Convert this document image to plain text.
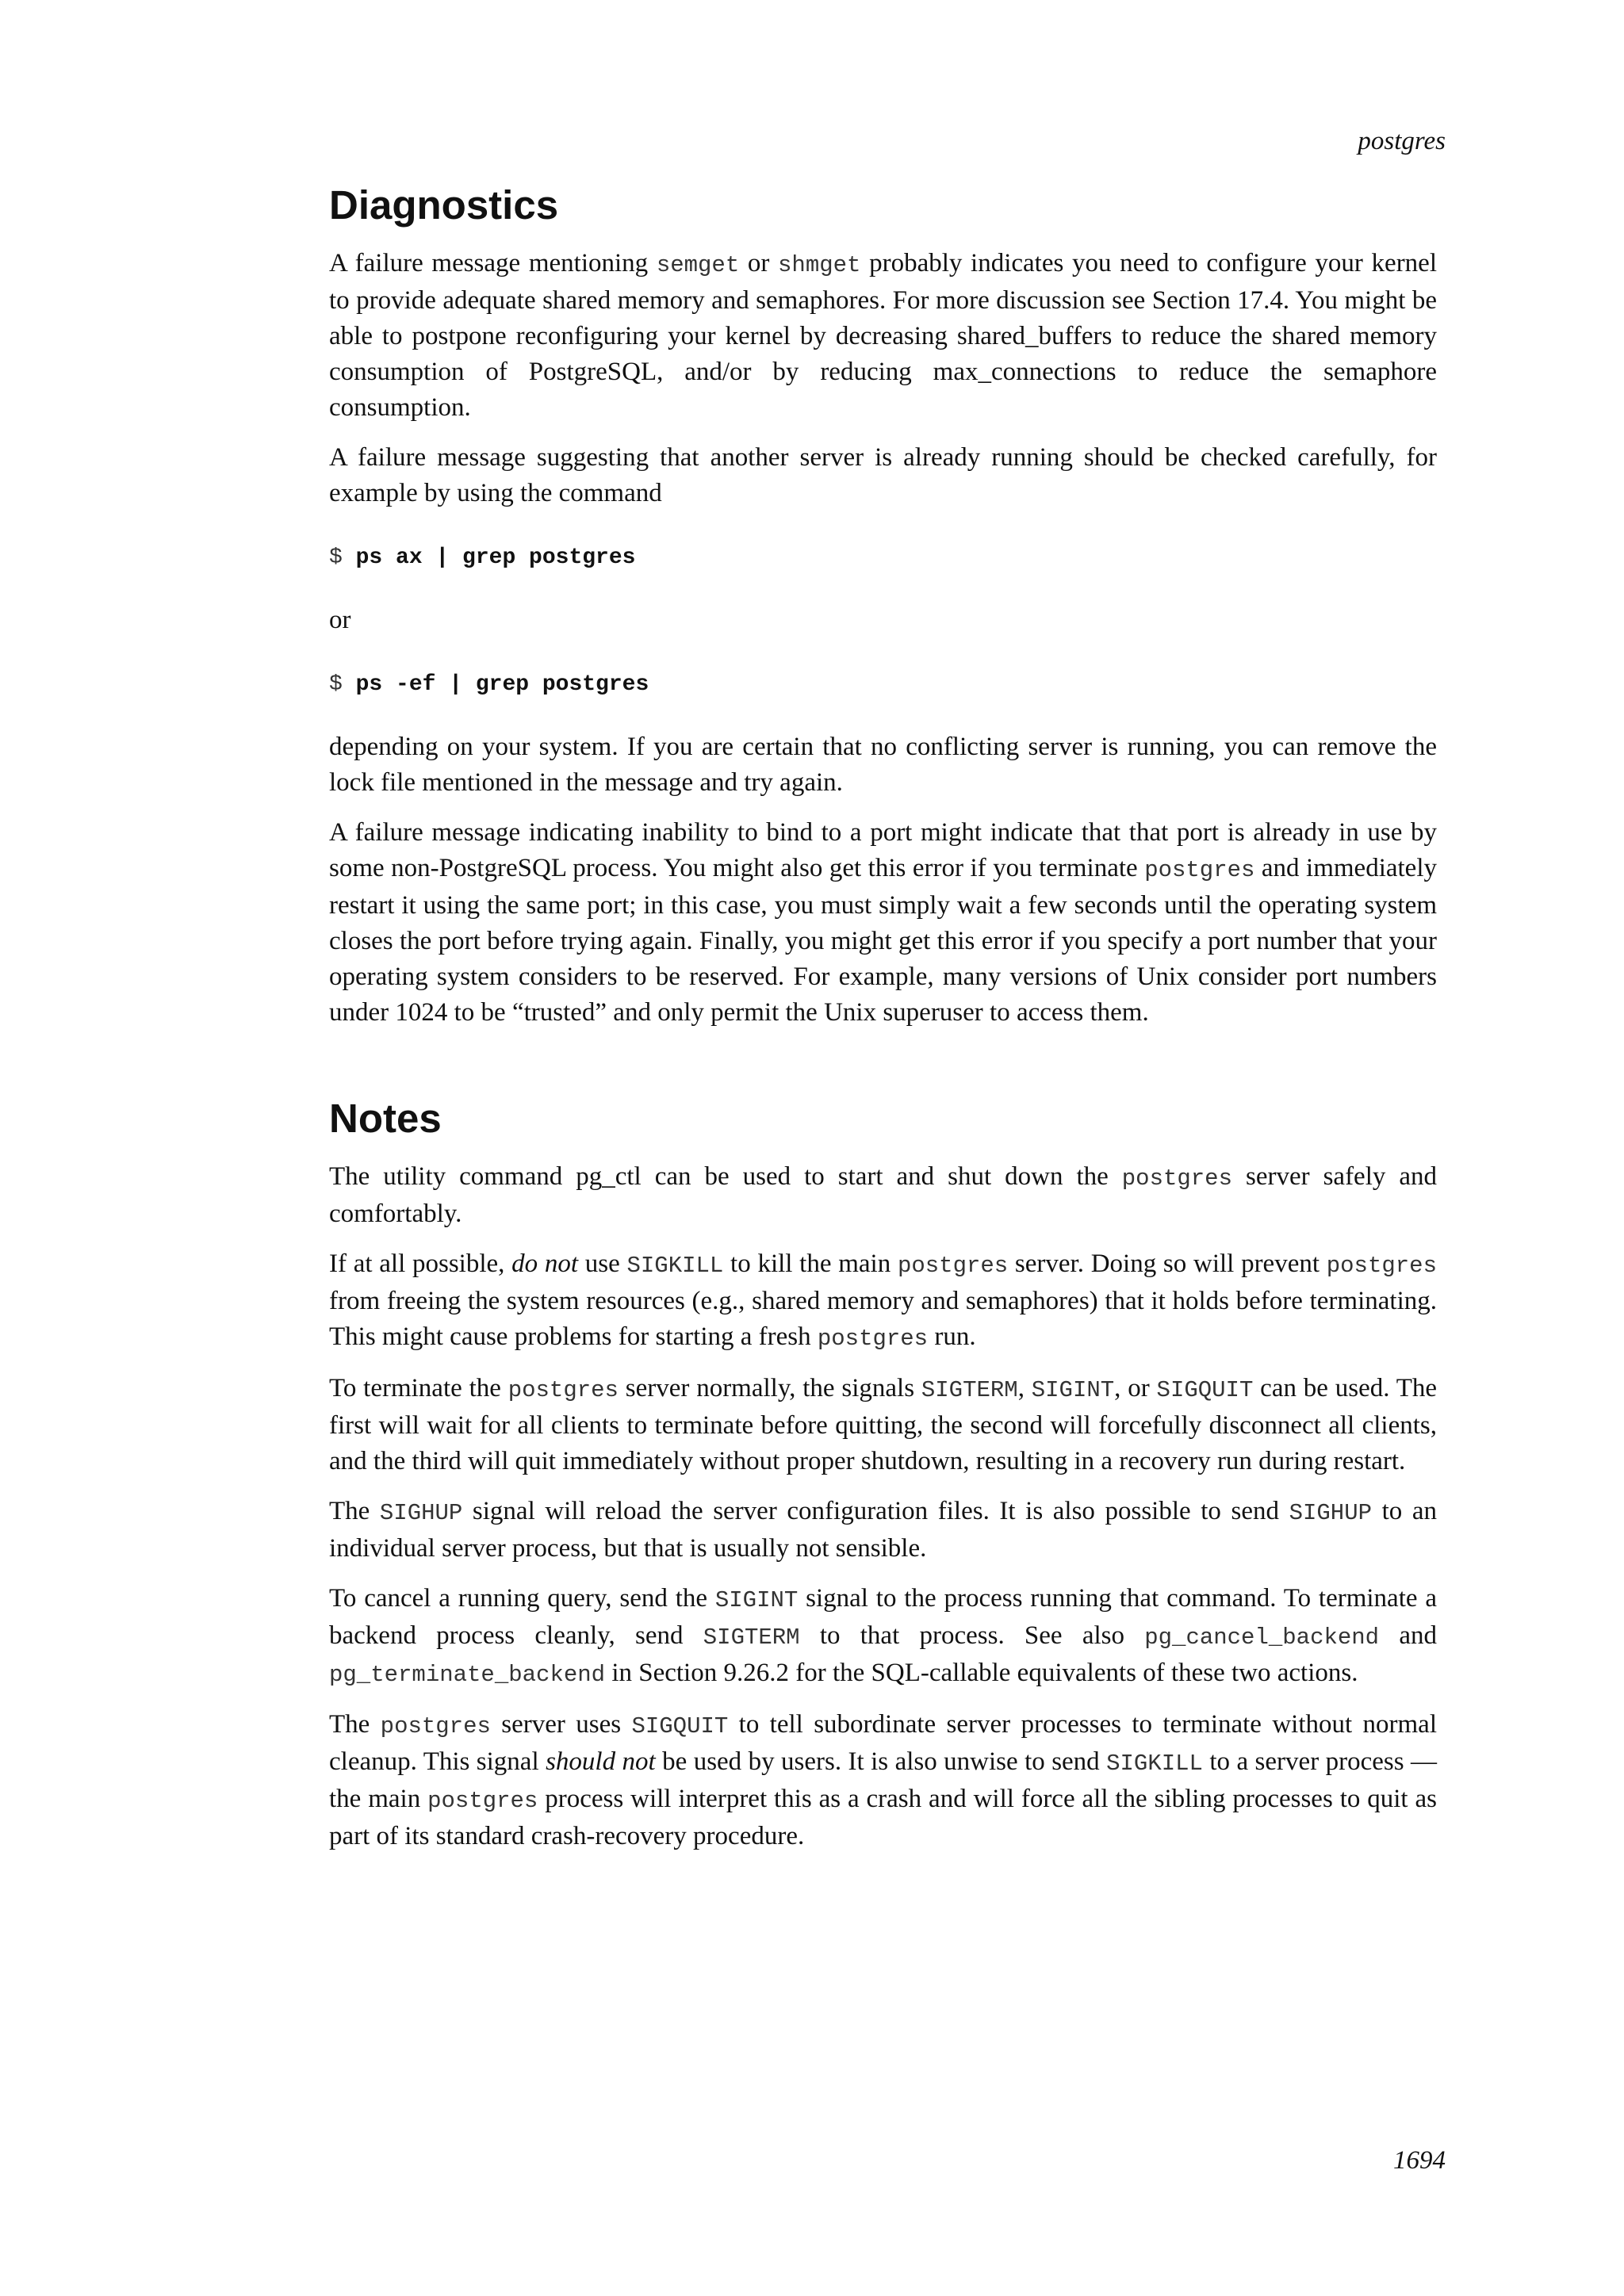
postgres
Diagnostics

A failure message mentioning semget or shmget probably indicates you need to configure your kernel to provide adequate shared memory and semaphores. For more discussion see Section 17.4. You might be able to postpone reconfiguring your kernel by decreasing shared_buffers to reduce the shared memory consumption of PostgreSQL, and/or by reducing max_connections to reduce the semaphore consumption.

A failure message suggesting that another server is already running should be checked carefully, for example by using the command

$ ps ax | grep postgres

or

$ ps -ef | grep postgres

depending on your system. If you are certain that no conflicting server is running, you can remove the lock file mentioned in the message and try again.

A failure message indicating inability to bind to a port might indicate that that port is already in use by some non-PostgreSQL process. You might also get this error if you terminate postgres and immediately restart it using the same port; in this case, you must simply wait a few seconds until the operating system closes the port before trying again. Finally, you might get this error if you specify a port number that your operating system considers to be reserved. For example, many versions of Unix consider port numbers under 1024 to be “trusted” and only permit the Unix superuser to access them.

Notes

The utility command pg_ctl can be used to start and shut down the postgres server safely and comfortably.

If at all possible, do not use SIGKILL to kill the main postgres server. Doing so will prevent postgres from freeing the system resources (e.g., shared memory and semaphores) that it holds before terminating. This might cause problems for starting a fresh postgres run.

To terminate the postgres server normally, the signals SIGTERM, SIGINT, or SIGQUIT can be used. The first will wait for all clients to terminate before quitting, the second will forcefully disconnect all clients, and the third will quit immediately without proper shutdown, resulting in a recovery run during restart.

The SIGHUP signal will reload the server configuration files. It is also possible to send SIGHUP to an individual server process, but that is usually not sensible.

To cancel a running query, send the SIGINT signal to the process running that command. To terminate a backend process cleanly, send SIGTERM to that process. See also pg_cancel_backend and pg_terminate_backend in Section 9.26.2 for the SQL-callable equivalents of these two actions.

The postgres server uses SIGQUIT to tell subordinate server processes to terminate without normal cleanup. This signal should not be used by users. It is also unwise to send SIGKILL to a server process — the main postgres process will interpret this as a crash and will force all the sibling processes to quit as part of its standard crash-recovery procedure.

1694
